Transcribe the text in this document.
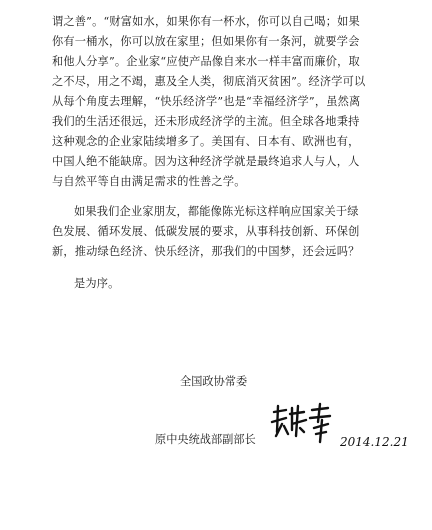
谓之善”。“财富如水，如果你有一杯水，你可以自己喝；如果
你有一桶水，你可以放在家里；但如果你有一条河，就要学会
和他人分享”。企业家“应使产品像自来水一样丰富而廉价，取
之不尽，用之不竭，惠及全人类，彻底消灭贫困”。经济学可以
从每个角度去理解，“快乐经济学”也是“幸福经济学”，虽然离
我们的生活还很远，还未形成经济学的主流。但全球各地秉持
这种观念的企业家陆续增多了。美国有、日本有、欧洲也有，
中国人绝不能缺席。因为这种经济学就是最终追求人与人，人
与自然平等自由满足需求的性善之学。
如果我们企业家朋友，都能像陈光标这样响应国家关于绿
色发展、循环发展、低碳发展的要求，从事科技创新、环保创
新，推动绿色经济、快乐经济，那我们的中国梦，还会远吗？
是为序。
全国政协常委
原中央统战部副部长	2014.12.21
